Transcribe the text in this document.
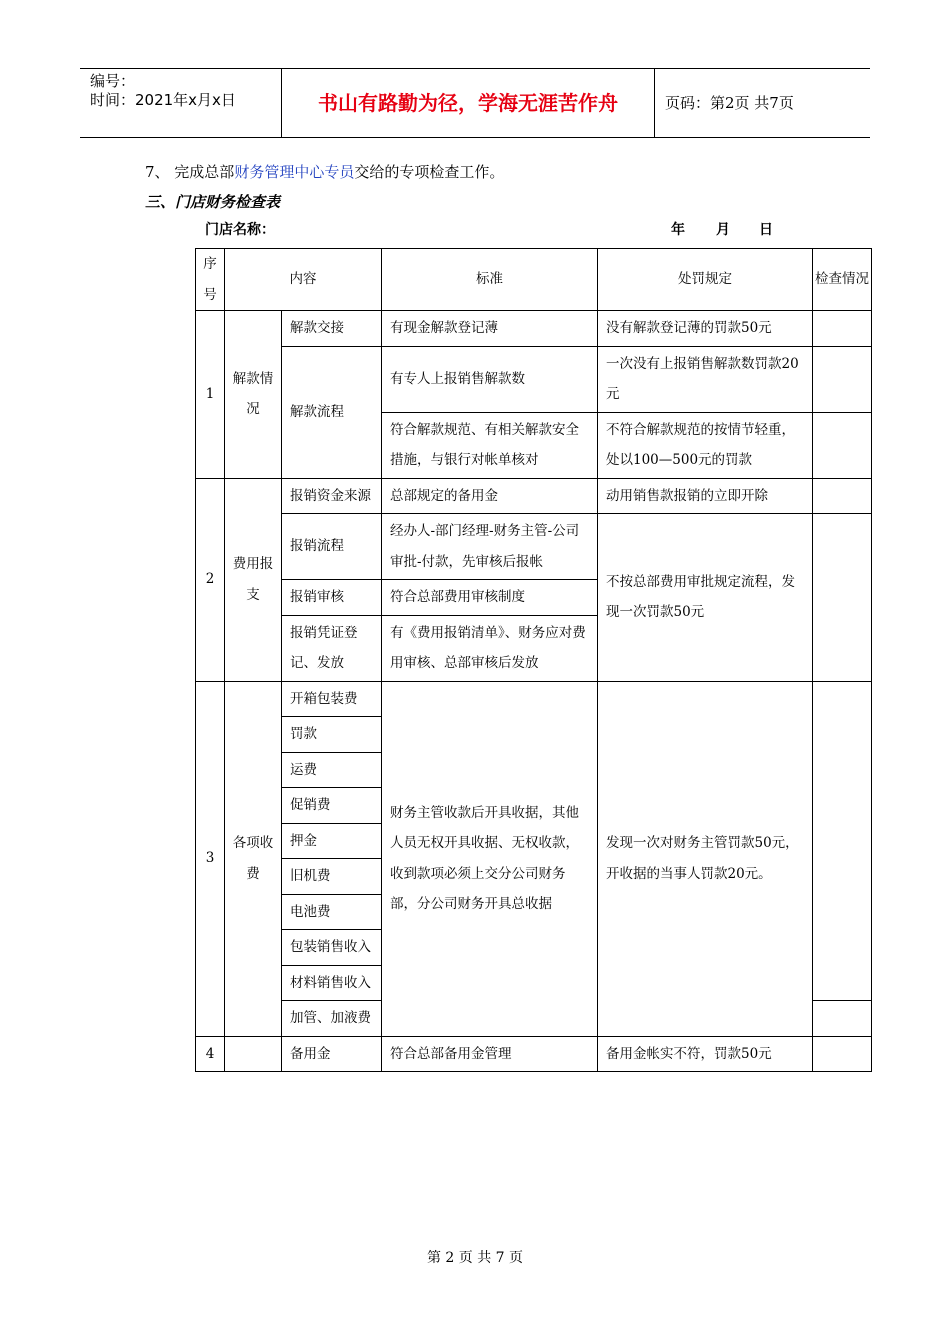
编号：
时间：2021年x月x日	书山有路勤为径，学海无涯苦作舟	页码：第2页 共7页
7、 完成总部财务管理中心专员交给的专项检查工作。
三、门店财务检查表
门店名称：	年 月 日
序号	内容		标准	处罚规定	检查情况
1	解款情况	解款交接	有现金解款登记薄	没有解款登记薄的罚款50元	
		解款流程	有专人上报销售解款数	一次没有上报销售解款数罚款20元	
			符合解款规范、有相关解款安全措施，与银行对帐单核对	不符合解款规范的按情节轻重，处以100—500元的罚款	
2	费用报支	报销资金来源	总部规定的备用金	动用销售款报销的立即开除	
		报销流程	经办人-部门经理-财务主管-公司审批-付款，先审核后报帐	不按总部费用审批规定流程，发现一次罚款50元	
		报销审核	符合总部费用审核制度		
		报销凭证登记、发放	有《费用报销清单》、财务应对费用审核、总部审核后发放		
3	各项收费	开箱包装费	财务主管收款后开具收据，其他人员无权开具收据、无权收款，收到款项必须上交分公司财务部，分公司财务开具总收据	发现一次对财务主管罚款50元，开收据的当事人罚款20元。	
		罚款			
		运费			
		促销费			
		押金			
		旧机费			
		电池费			
		包装销售收入			
		材料销售收入			
		加管、加液费			
4		备用金	符合总部备用金管理	备用金帐实不符，罚款50元	
第 2 页 共 7 页
